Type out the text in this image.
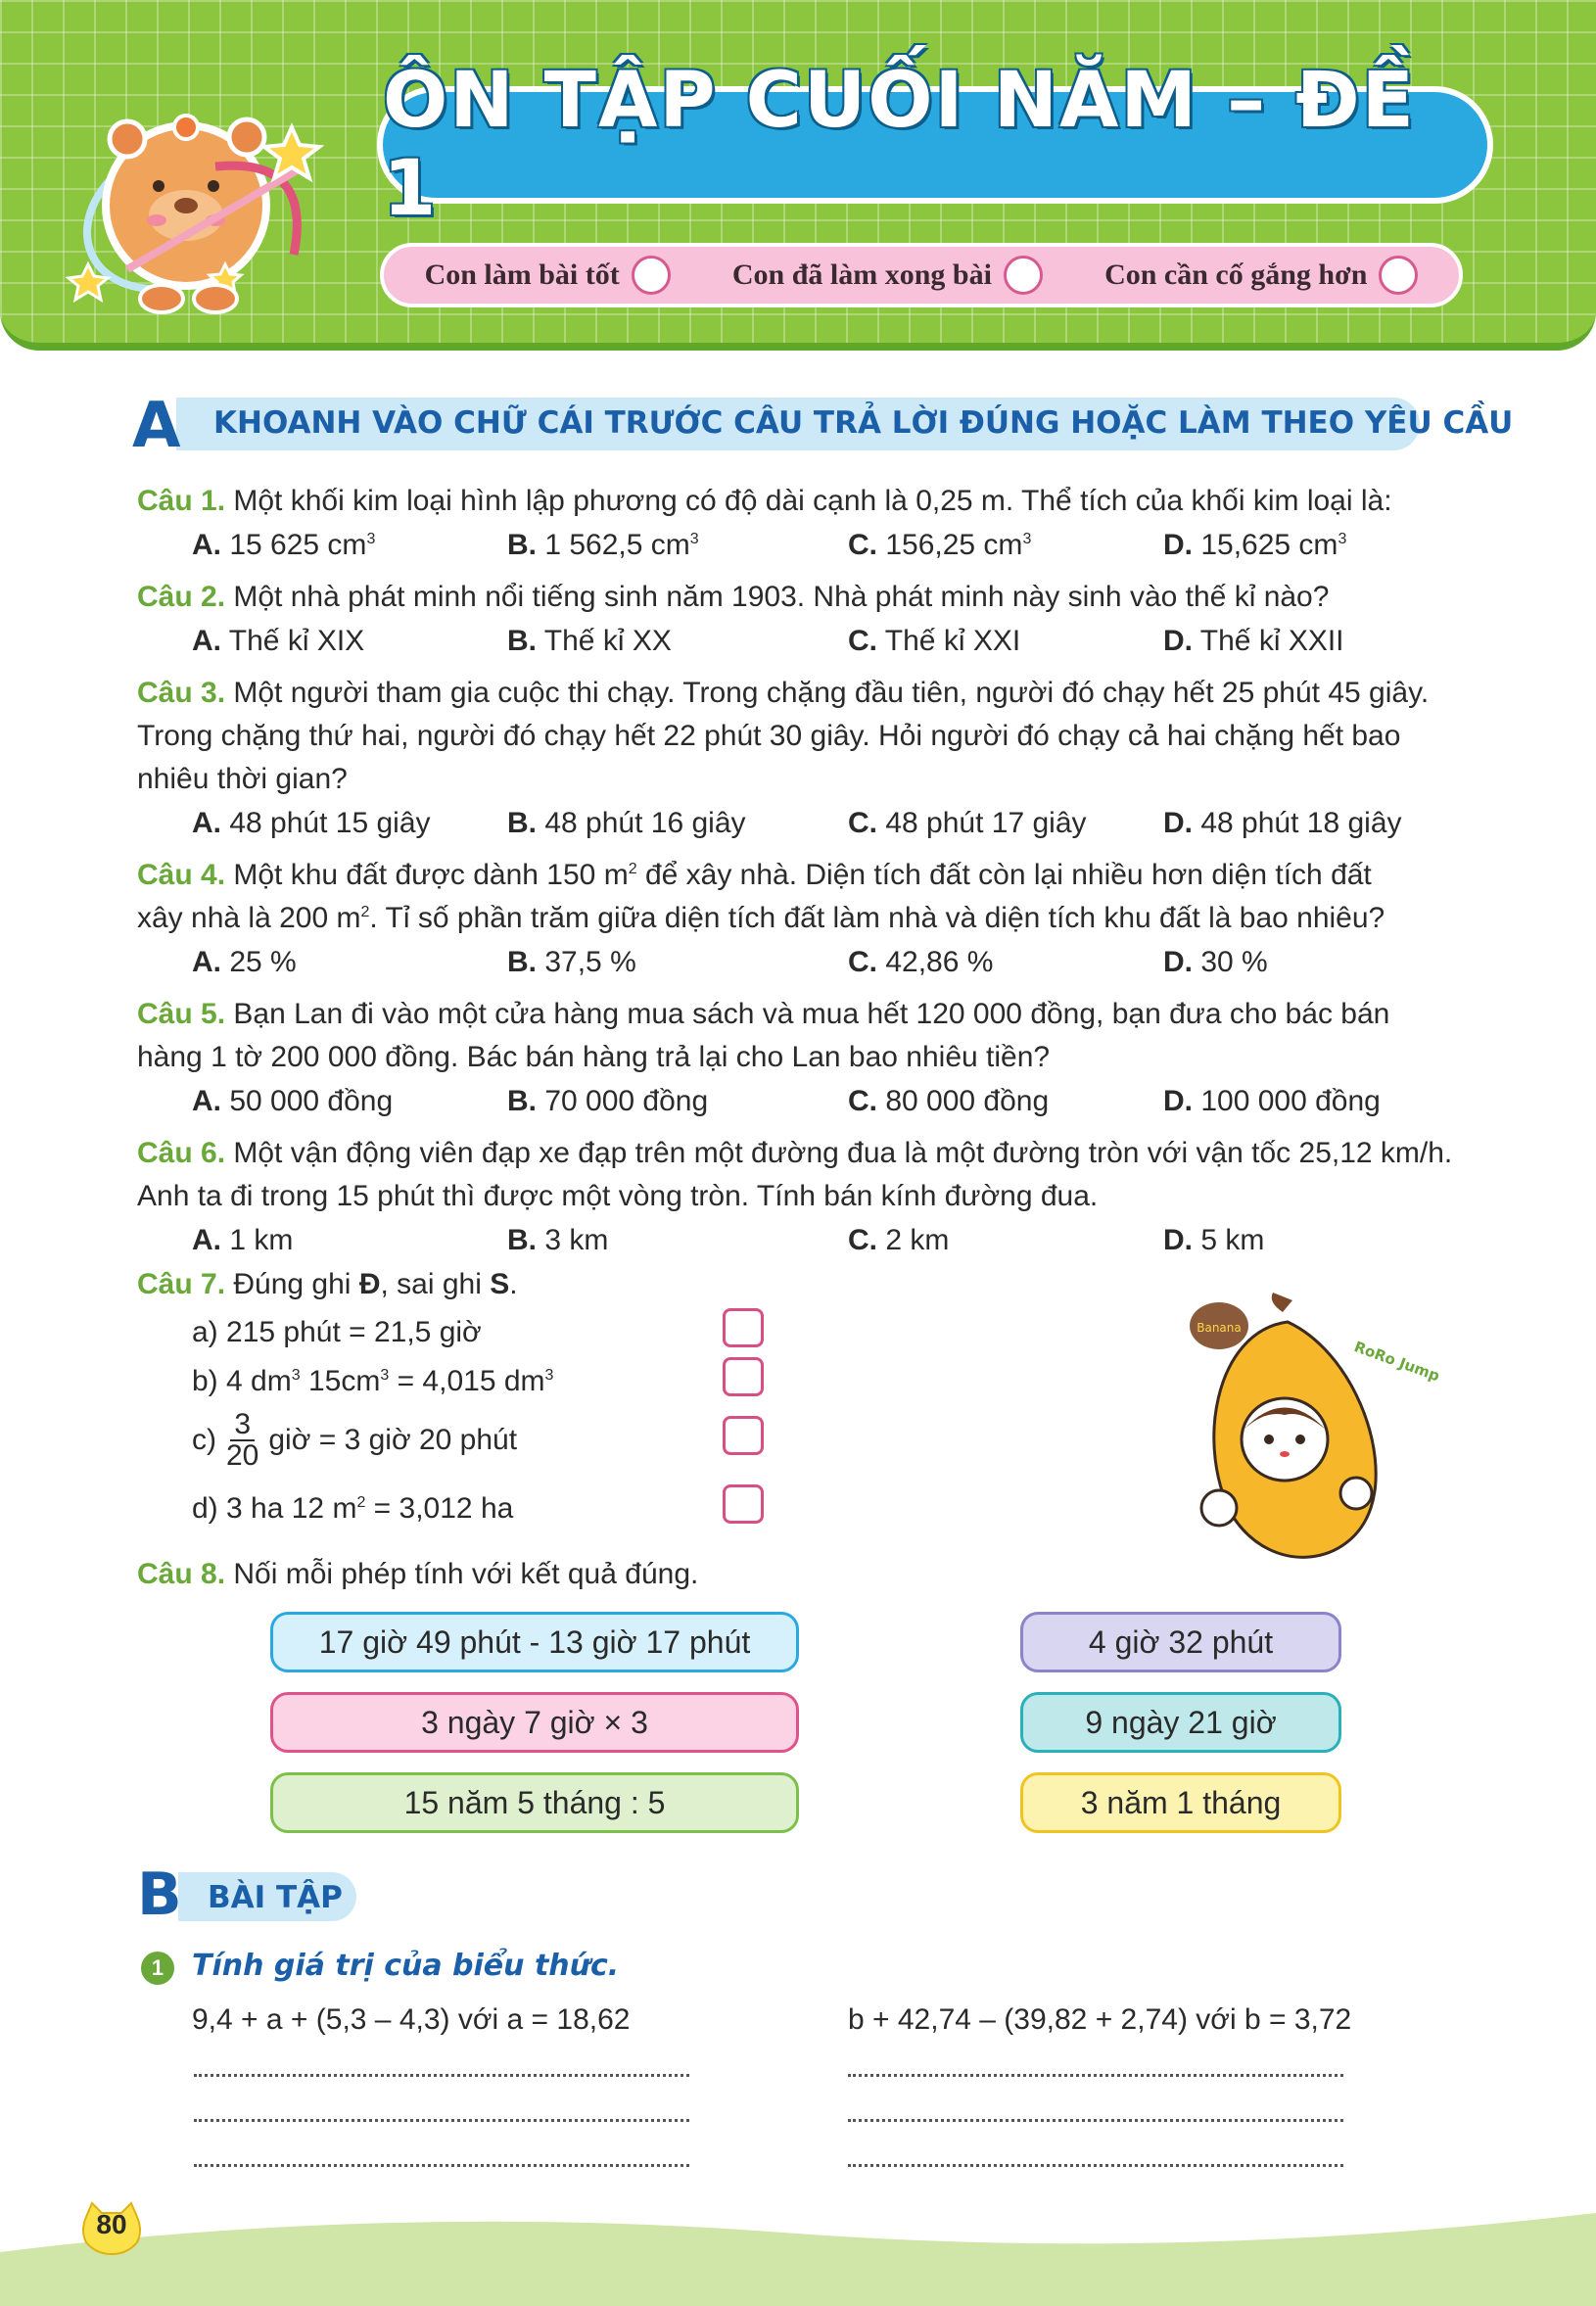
ÔN TẬP CUỐI NĂM – ĐỀ 1
Con làm bài tốt	Con đã làm xong bài	Con cần cố gắng hơn
A KHOANH VÀO CHỮ CÁI TRƯỚC CÂU TRẢ LỜI ĐÚNG HOẶC LÀM THEO YÊU CẦU
Câu 1. Một khối kim loại hình lập phương có độ dài cạnh là 0,25 m. Thể tích của khối kim loại là:
A. 15 625 $cm^3$	B. 1 562,5 $cm^3$	C. 156,25 $cm^3$	D. 15,625 $cm^3$
Câu 2. Một nhà phát minh nổi tiếng sinh năm 1903. Nhà phát minh này sinh vào thế kỉ nào?
A. Thế kỉ XIX	B. Thế kỉ XX	C. Thế kỉ XXI	D. Thế kỉ XXII
Câu 3. Một người tham gia cuộc thi chạy. Trong chặng đầu tiên, người đó chạy hết 25 phút 45 giây.
Trong chặng thứ hai, người đó chạy hết 22 phút 30 giây. Hỏi người đó chạy cả hai chặng hết bao
nhiêu thời gian?
A. 48 phút 15 giây	B. 48 phút 16 giây	C. 48 phút 17 giây	D. 48 phút 18 giây
Câu 4. Một khu đất được dành 150 $m^2$ để xây nhà. Diện tích đất còn lại nhiều hơn diện tích đất
xây nhà là 200 $m^2$. Tỉ số phần trăm giữa diện tích đất làm nhà và diện tích khu đất là bao nhiêu?
A. 25 %	B. 37,5 %	C. 42,86 %	D. 30 %
Câu 5. Bạn Lan đi vào một cửa hàng mua sách và mua hết 120 000 đồng, bạn đưa cho bác bán
hàng 1 tờ 200 000 đồng. Bác bán hàng trả lại cho Lan bao nhiêu tiền?
A. 50 000 đồng	B. 70 000 đồng	C. 80 000 đồng	D. 100 000 đồng
Câu 6. Một vận động viên đạp xe đạp trên một đường đua là một đường tròn với vận tốc 25,12 km/h.
Anh ta đi trong 15 phút thì được một vòng tròn. Tính bán kính đường đua.
A. 1 km	B. 3 km	C. 2 km	D. 5 km
Câu 7. Đúng ghi Đ, sai ghi S.
a) 215 phút = 21,5 giờ
b) 4 $dm^3$ $15cm^3 = 4,015$ $dm^3$
c) 3
20 giờ = 3 giờ 20 phút
d) 3 ha 12 $m^2 = 3,012$ ha
Banana
RoRo Jump
Câu 8. Nối mỗi phép tính với kết quả đúng.
17 giờ 49 phút - 13 giờ 17 phút
3 ngày 7 giờ × 3
15 năm 5 tháng : 5
4 giờ 32 phút
9 ngày 21 giờ
3 năm 1 tháng
B BÀI TẬP
1 Tính giá trị của biểu thức.
9,4 + a + (5,3 – 4,3) với a = 18,62	b + 42,74 – (39,82 + 2,74) với b = 3,72
80
